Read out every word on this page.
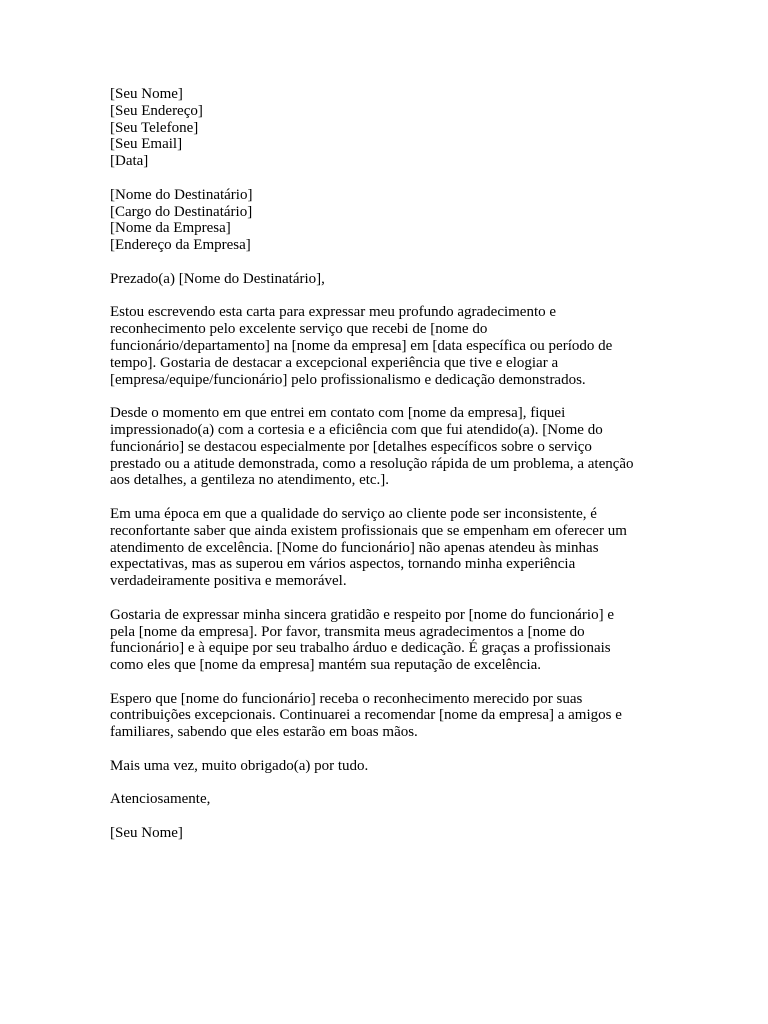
[Seu Nome]
[Seu Endereço]
[Seu Telefone]
[Seu Email]
[Data]
[Nome do Destinatário]
[Cargo do Destinatário]
[Nome da Empresa]
[Endereço da Empresa]
Prezado(a) [Nome do Destinatário],
Estou escrevendo esta carta para expressar meu profundo agradecimento e
reconhecimento pelo excelente serviço que recebi de [nome do
funcionário/departamento] na [nome da empresa] em [data específica ou período de
tempo]. Gostaria de destacar a excepcional experiência que tive e elogiar a
[empresa/equipe/funcionário] pelo profissionalismo e dedicação demonstrados.
Desde o momento em que entrei em contato com [nome da empresa], fiquei
impressionado(a) com a cortesia e a eficiência com que fui atendido(a). [Nome do
funcionário] se destacou especialmente por [detalhes específicos sobre o serviço
prestado ou a atitude demonstrada, como a resolução rápida de um problema, a atenção
aos detalhes, a gentileza no atendimento, etc.].
Em uma época em que a qualidade do serviço ao cliente pode ser inconsistente, é
reconfortante saber que ainda existem profissionais que se empenham em oferecer um
atendimento de excelência. [Nome do funcionário] não apenas atendeu às minhas
expectativas, mas as superou em vários aspectos, tornando minha experiência
verdadeiramente positiva e memorável.
Gostaria de expressar minha sincera gratidão e respeito por [nome do funcionário] e
pela [nome da empresa]. Por favor, transmita meus agradecimentos a [nome do
funcionário] e à equipe por seu trabalho árduo e dedicação. É graças a profissionais
como eles que [nome da empresa] mantém sua reputação de excelência.
Espero que [nome do funcionário] receba o reconhecimento merecido por suas
contribuições excepcionais. Continuarei a recomendar [nome da empresa] a amigos e
familiares, sabendo que eles estarão em boas mãos.
Mais uma vez, muito obrigado(a) por tudo.
Atenciosamente,
[Seu Nome]
